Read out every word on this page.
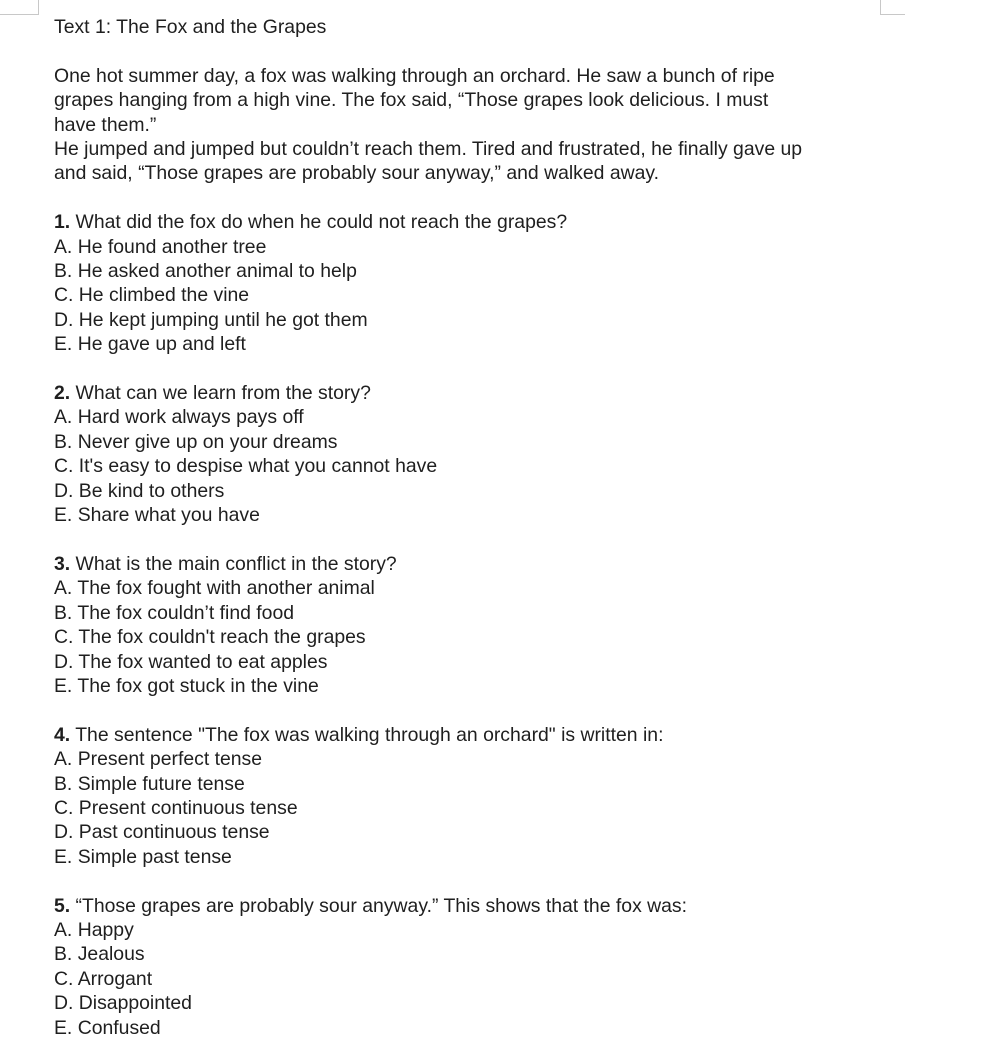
Text 1: The Fox and the Grapes

One hot summer day, a fox was walking through an orchard. He saw a bunch of ripe

grapes hanging from a high vine. The fox said, “Those grapes look delicious. I must

have them.”

He jumped and jumped but couldn’t reach them. Tired and frustrated, he finally gave up

and said, “Those grapes are probably sour anyway,” and walked away.

1. What did the fox do when he could not reach the grapes?

A. He found another tree

B. He asked another animal to help

C. He climbed the vine

D. He kept jumping until he got them

E. He gave up and left

2. What can we learn from the story?

A. Hard work always pays off

B. Never give up on your dreams

C. It's easy to despise what you cannot have

D. Be kind to others

E. Share what you have

3. What is the main conflict in the story?

A. The fox fought with another animal

B. The fox couldn’t find food

C. The fox couldn't reach the grapes

D. The fox wanted to eat apples

E. The fox got stuck in the vine

4. The sentence "The fox was walking through an orchard" is written in:

A. Present perfect tense

B. Simple future tense

C. Present continuous tense

D. Past continuous tense

E. Simple past tense

5. “Those grapes are probably sour anyway.” This shows that the fox was:

A. Happy

B. Jealous

C. Arrogant

D. Disappointed

E. Confused
